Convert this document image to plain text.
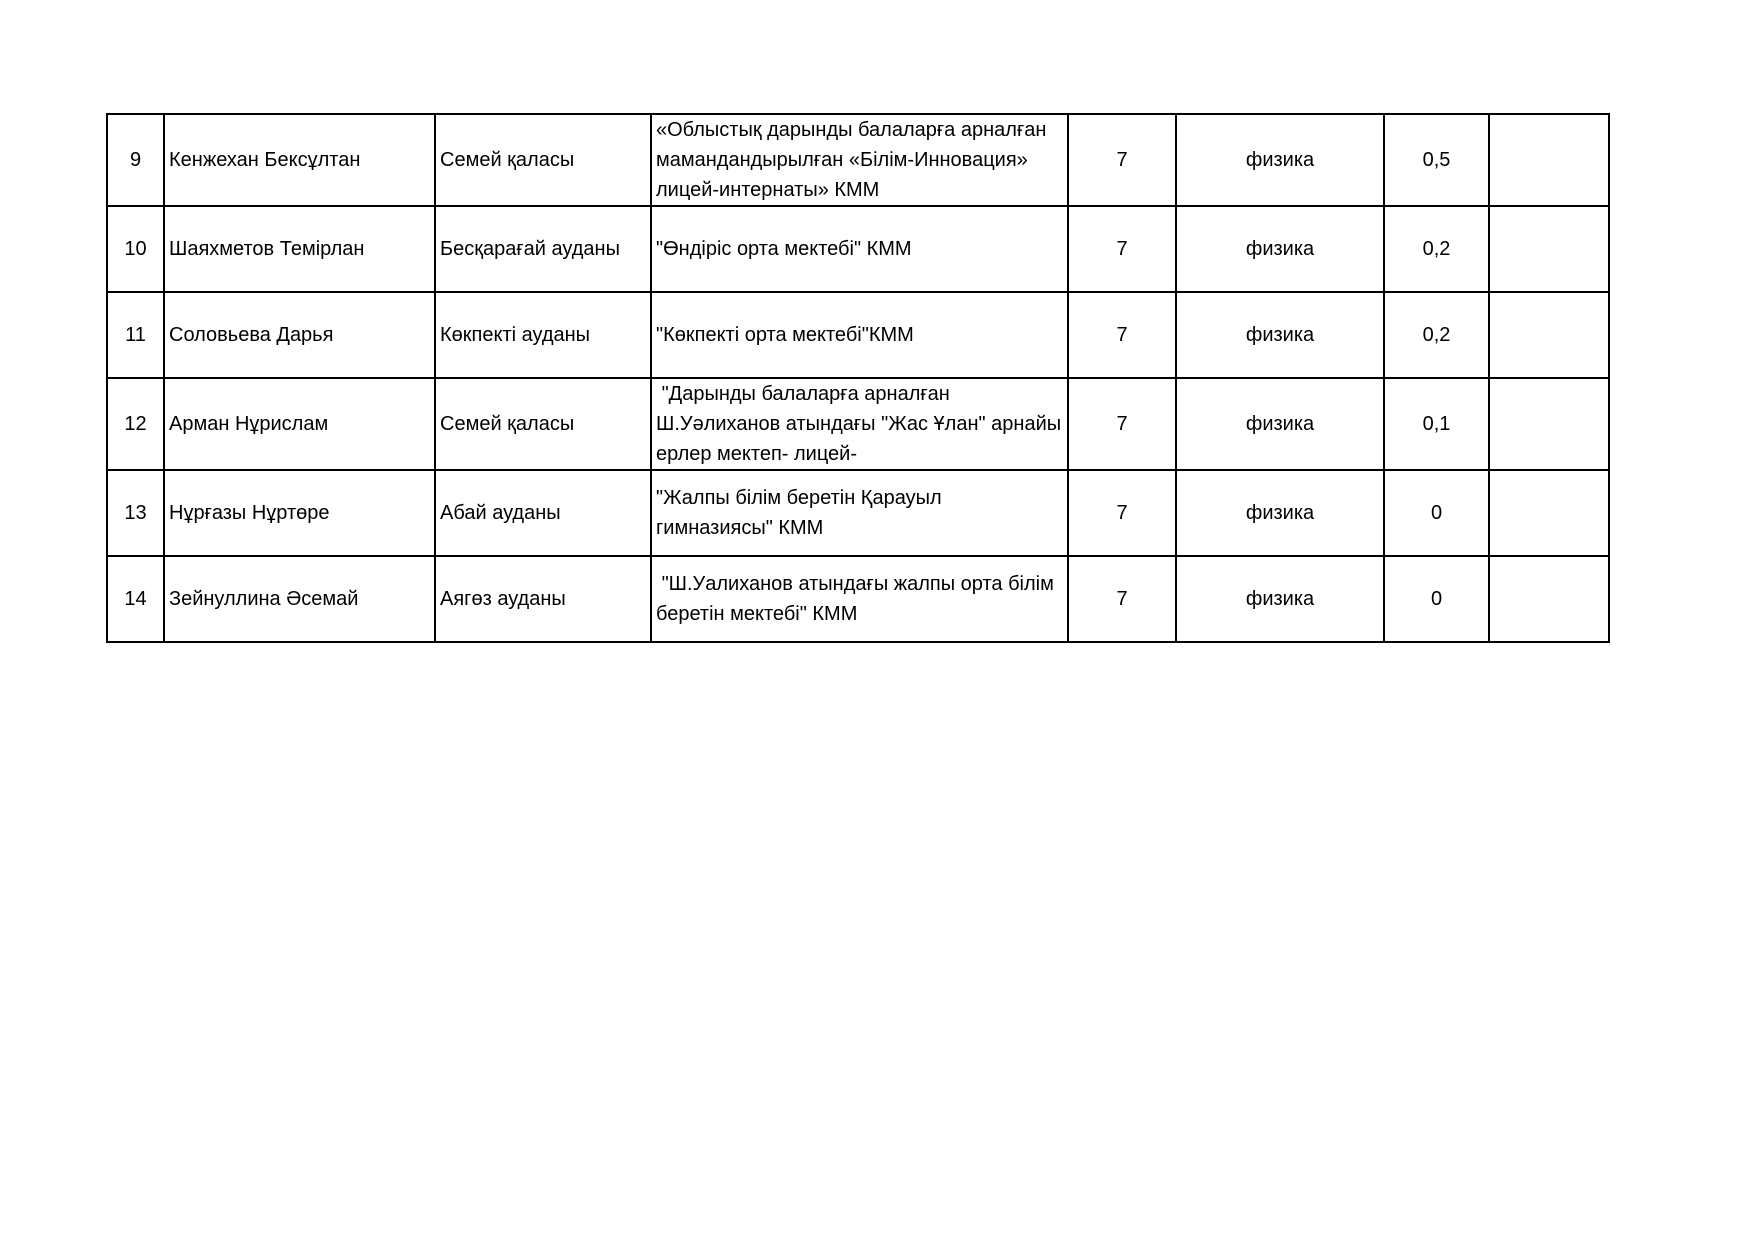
9	Кенжехан Бексұлтан	Семей қаласы	«Облыстық дарынды балаларға арналған мамандандырылған «Білім-Инновация» лицей-интернаты» КММ	7	физика	0,5	
10	Шаяхметов Темірлан	Бесқарағай ауданы	"Өндіріс орта мектебі" КММ	7	физика	0,2	
11	Соловьева Дарья	Көкпекті ауданы	"Көкпекті орта мектебі"КММ	7	физика	0,2	
12	Арман Нұрислам	Семей қаласы	"Дарынды балаларға арналған Ш.Уәлиханов атындағы "Жас Ұлан" арнайы ерлер мектеп- лицей-	7	физика	0,1	
13	Нұрғазы Нұртөре	Абай ауданы	"Жалпы білім беретін Қарауыл гимназиясы" КММ	7	физика	0	
14	Зейнуллина Әсемай	Аягөз ауданы	"Ш.Уалиханов атындағы жалпы орта білім беретін мектебі" КММ	7	физика	0	
